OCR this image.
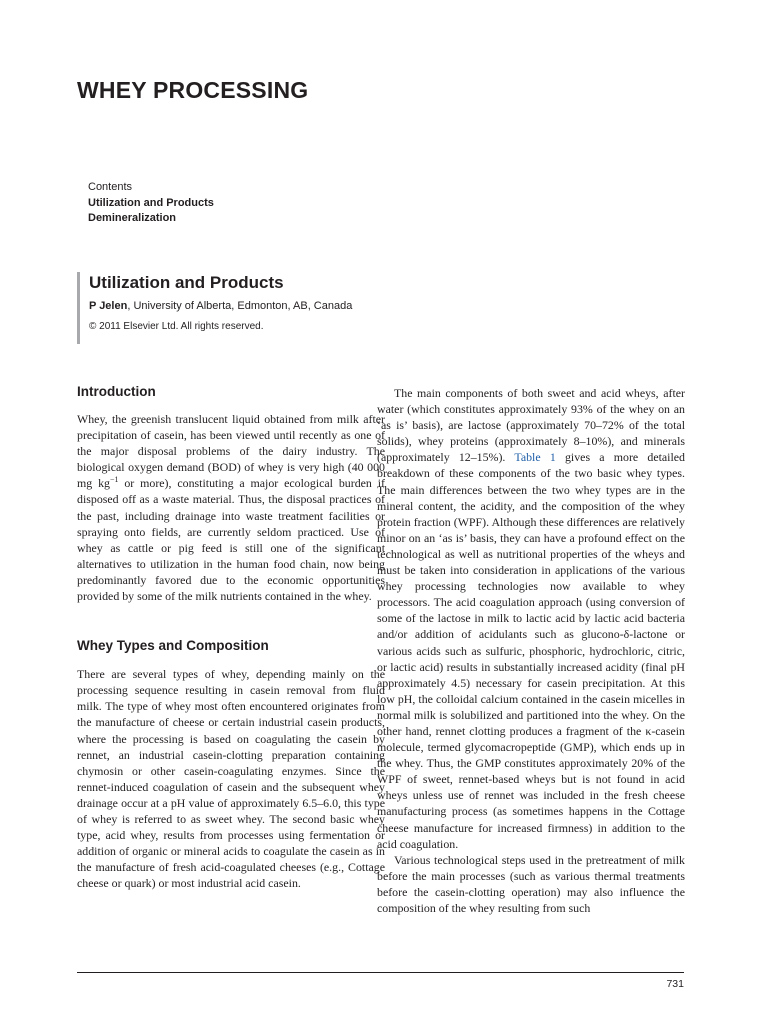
WHEY PROCESSING
Contents
Utilization and Products
Demineralization
Utilization and Products
P Jelen, University of Alberta, Edmonton, AB, Canada
© 2011 Elsevier Ltd. All rights reserved.
Introduction

Whey, the greenish translucent liquid obtained from milk after precipitation of casein, has been viewed until recently as one of the major disposal problems of the dairy industry. The biological oxygen demand (BOD) of whey is very high (40 000 mg $kg^{-1}$ or more), constituting a major ecological burden if disposed off as a waste material. Thus, the disposal practices of the past, including drainage into waste treatment facilities or spraying onto fields, are currently seldom practiced. Use of whey as cattle or pig feed is still one of the significant alternatives to utilization in the human food chain, now being predominantly favored due to the economic opportunities provided by some of the milk nutrients contained in the whey.

Whey Types and Composition

There are several types of whey, depending mainly on the processing sequence resulting in casein removal from fluid milk. The type of whey most often encountered originates from the manufacture of cheese or certain industrial casein products, where the processing is based on coagulating the casein by rennet, an industrial casein-clotting preparation containing chymosin or other casein-coagulating enzymes. Since the rennet-induced coagulation of casein and the subsequent whey drainage occur at a pH value of approximately 6.5–6.0, this type of whey is referred to as sweet whey. The second basic whey type, acid whey, results from processes using fermentation or addition of organic or mineral acids to coagulate the casein as in the manufacture of fresh acid-coagulated cheeses (e.g., Cottage cheese or quark) or most industrial acid casein.

The main components of both sweet and acid wheys, after water (which constitutes approximately 93% of the whey on an ‘as is’ basis), are lactose (approximately 70–72% of the total solids), whey proteins (approximately 8–10%), and minerals (approximately 12–15%). Table 1 gives a more detailed breakdown of these components of the two basic whey types. The main differences between the two whey types are in the mineral content, the acidity, and the composition of the whey protein fraction (WPF). Although these differences are relatively minor on an ‘as is’ basis, they can have a profound effect on the technological as well as nutritional properties of the wheys and must be taken into consideration in applications of the various whey processing technologies now available to whey processors. The acid coagulation approach (using conversion of some of the lactose in milk to lactic acid by lactic acid bacteria and/or addition of acidulants such as glucono-δ-lactone or various acids such as sulfuric, phosphoric, hydrochloric, citric, or lactic acid) results in substantially increased acidity (final pH approximately 4.5) necessary for casein precipitation. At this low pH, the colloidal calcium contained in the casein micelles in normal milk is solubilized and partitioned into the whey. On the other hand, rennet clotting produces a fragment of the κ-casein molecule, termed glycomacropeptide (GMP), which ends up in the whey. Thus, the GMP constitutes approximately 20% of the WPF of sweet, rennet-based wheys but is not found in acid wheys unless use of rennet was included in the fresh cheese manufacturing process (as sometimes happens in the Cottage cheese manufacture for increased firmness) in addition to the acid coagulation.

Various technological steps used in the pretreatment of milk before the main processes (such as various thermal treatments before the casein-clotting operation) may also influence the composition of the whey resulting from such

731
